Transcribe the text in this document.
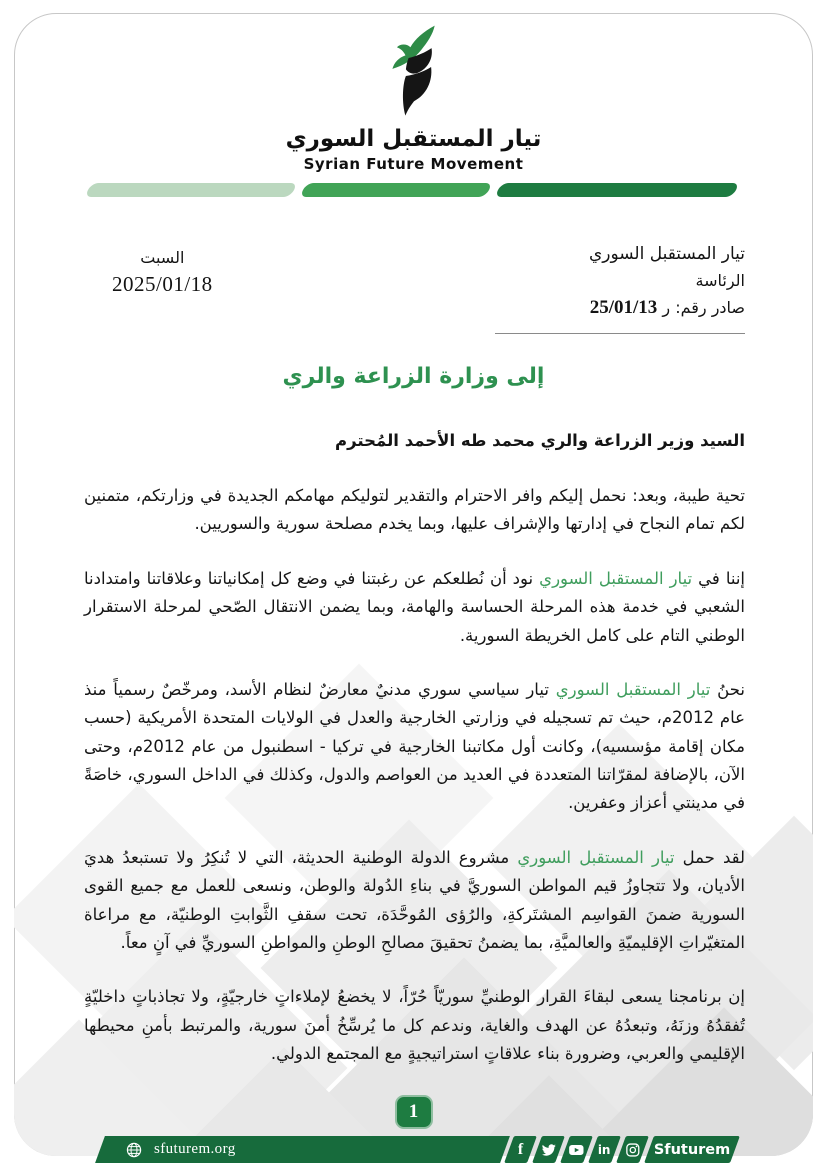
تيار المستقبل السوري
Syrian Future Movement
السبت
2025/01/18
تيار المستقبل السوري
الرئاسة
صادر رقم: ر 25/01/13
إلى وزارة الزراعة والري
السيد وزير الزراعة والري محمد طه الأحمد المُحترم

تحية طيبة، وبعد: نحمل إليكم وافر الاحترام والتقدير لتوليكم مهامكم الجديدة في وزارتكم، متمنين لكم تمام النجاح في إدارتها والإشراف عليها، وبما يخدم مصلحة سورية والسوريين.

إننا في تيار المستقبل السوري نود أن نُطلعكم عن رغبتنا في وضع كل إمكانياتنا وعلاقاتنا وامتدادنا الشعبي في خدمة هذه المرحلة الحساسة والهامة، وبما يضمن الانتقال الصّحي لمرحلة الاستقرار الوطني التام على كامل الخريطة السورية.

نحنُ تيار المستقبل السوري تيار سياسي سوري مدنيٌ معارضٌ لنظام الأسد، ومرخّصٌ رسمياً منذ عام 2012م، حيث تم تسجيله في وزارتي الخارجية والعدل في الولايات المتحدة الأمريكية (حسب مكان إقامة مؤسسيه)، وكانت أول مكاتبنا الخارجية في تركيا - اسطنبول من عام 2012م، وحتى الآن، بالإضافة لمقرّاتنا المتعددة في العديد من العواصم والدول، وكذلك في الداخل السوري، خاصَةً في مدينتي أعزاز وعفرين.

لقد حمل تيار المستقبل السوري مشروع الدولة الوطنية الحديثة، التي لا تُنكِرُ ولا تستبعدُ هديَ الأديان، ولا تتجاوزُ قيم المواطن السوريَّ في بناءِ الدُولة والوطن، ونسعى للعمل مع جميع القوى السورية ضمنَ القواسِم المشتَركةِ، والرُؤى المُوحَّدَة، تحت سقفِ الثَّوابتِ الوطنيّة، مع مراعاة المتغيّراتِ الإقليميّةِ والعالميَّةِ، بما يضمنُ تحقيقَ مصالحِ الوطنِ والمواطنِ السوريِّ في آنٍ معاً.

إن برنامجنا يسعى لبقاءَ القرار الوطنيِّ سوريّاً حُرّاً، لا يخضعُ لإملاءاتٍ خارجيّةٍ، ولا تجاذباتٍ داخليّةٍ تُفقدُهُ وزنَهُ، وتبعدُهُ عن الهدف والغاية، وندعم كل ما يُرسِّخُ أمنَ سورية، والمرتبط بأمنِ محيطها الإقليمي والعربي، وضرورة بناء علاقاتٍ استراتيجيةٍ مع المجتمع الدولي.

1
sfuturem.org	f	in	Sfuturem
